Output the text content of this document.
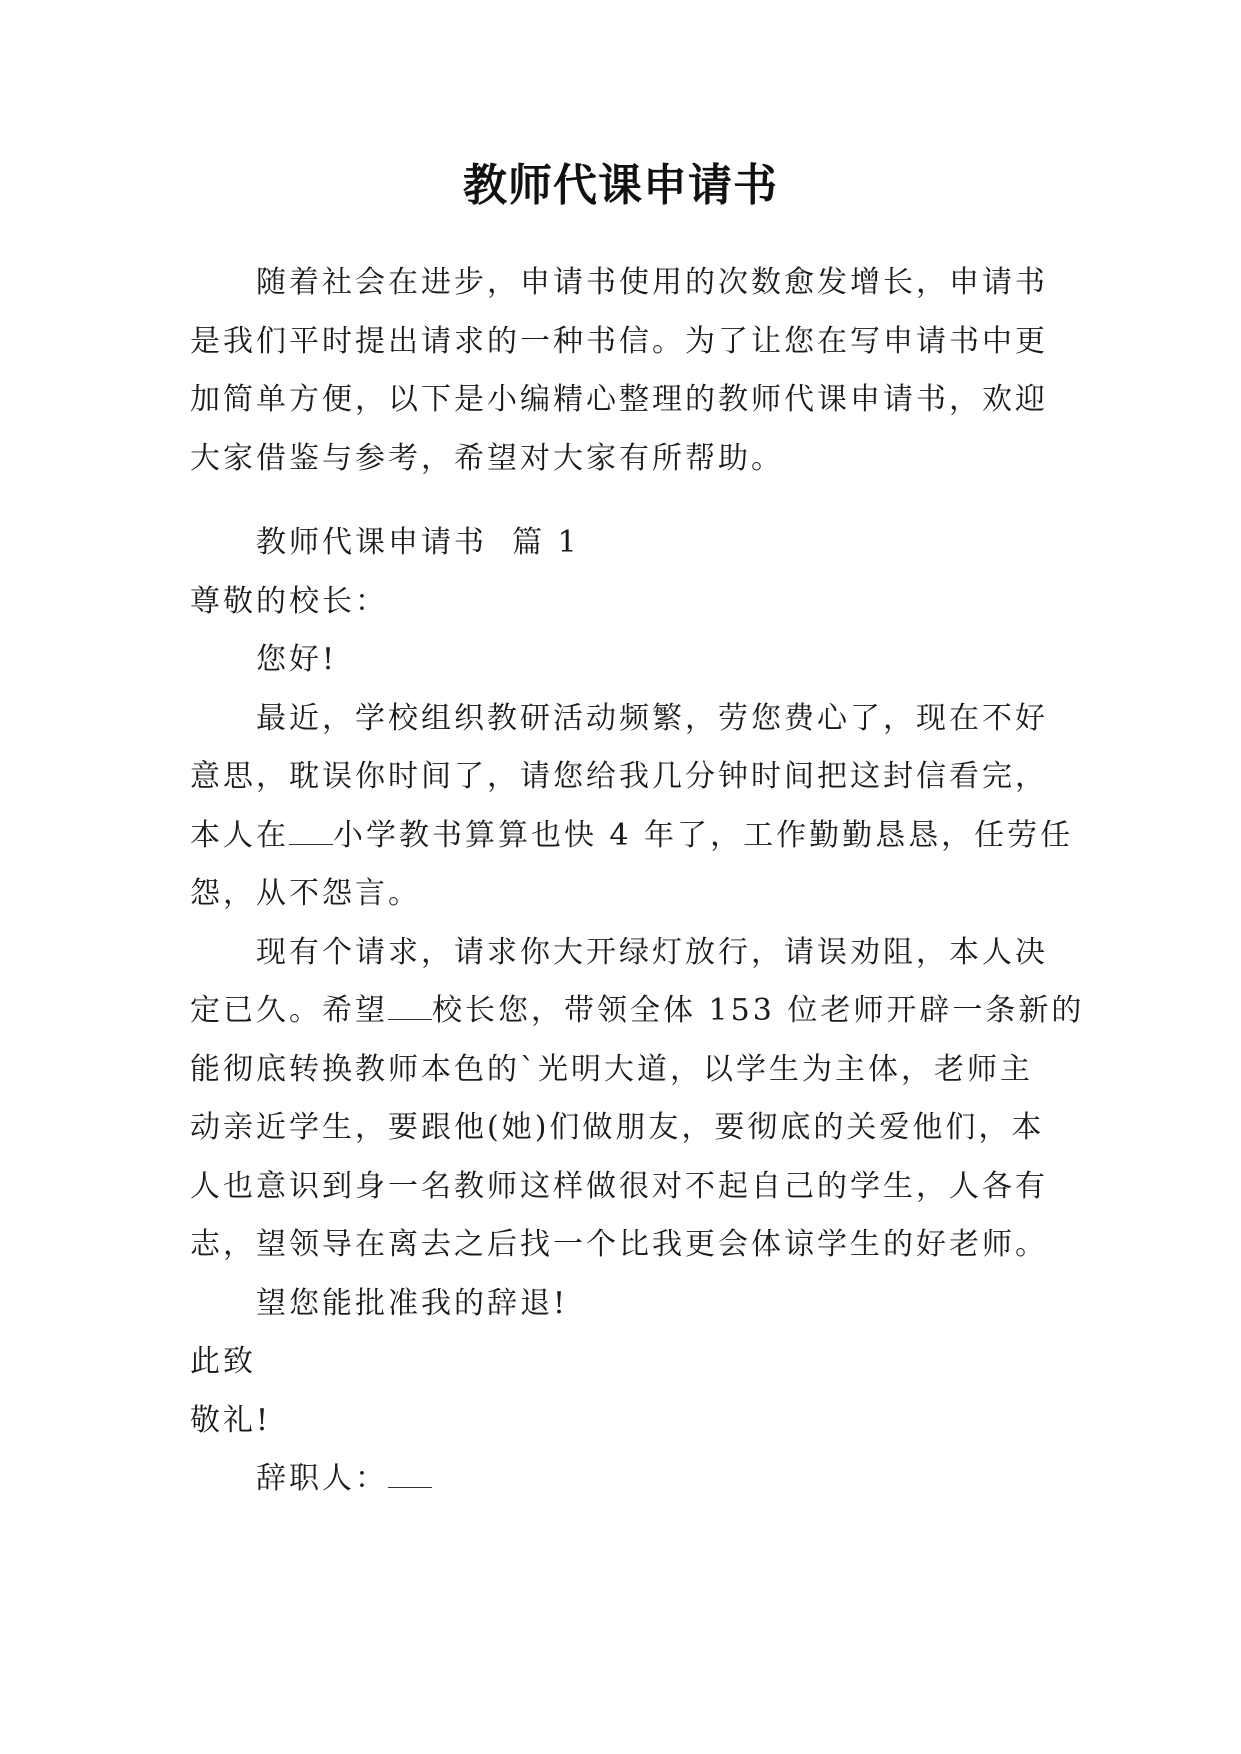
教师代课申请书
随着社会在进步，申请书使用的次数愈发增长，申请书
是我们平时提出请求的一种书信。为了让您在写申请书中更
加简单方便，以下是小编精心整理的教师代课申请书，欢迎
大家借鉴与参考，希望对大家有所帮助。
教师代课申请书  篇 1
尊敬的校长：
您好!
最近，学校组织教研活动频繁，劳您费心了，现在不好
意思，耽误你时间了，请您给我几分钟时间把这封信看完，
本人在 小学教书算算也快 4 年了，工作勤勤恳恳，任劳任
怨，从不怨言。
现有个请求，请求你大开绿灯放行，请误劝阻，本人决
定已久。希望 校长您，带领全体 153 位老师开辟一条新的
能彻底转换教师本色的`光明大道，以学生为主体，老师主
动亲近学生，要跟他(她)们做朋友，要彻底的关爱他们，本
人也意识到身一名教师这样做很对不起自己的学生，人各有
志，望领导在离去之后找一个比我更会体谅学生的好老师。
望您能批准我的辞退!
此致
敬礼!
辞职人：
